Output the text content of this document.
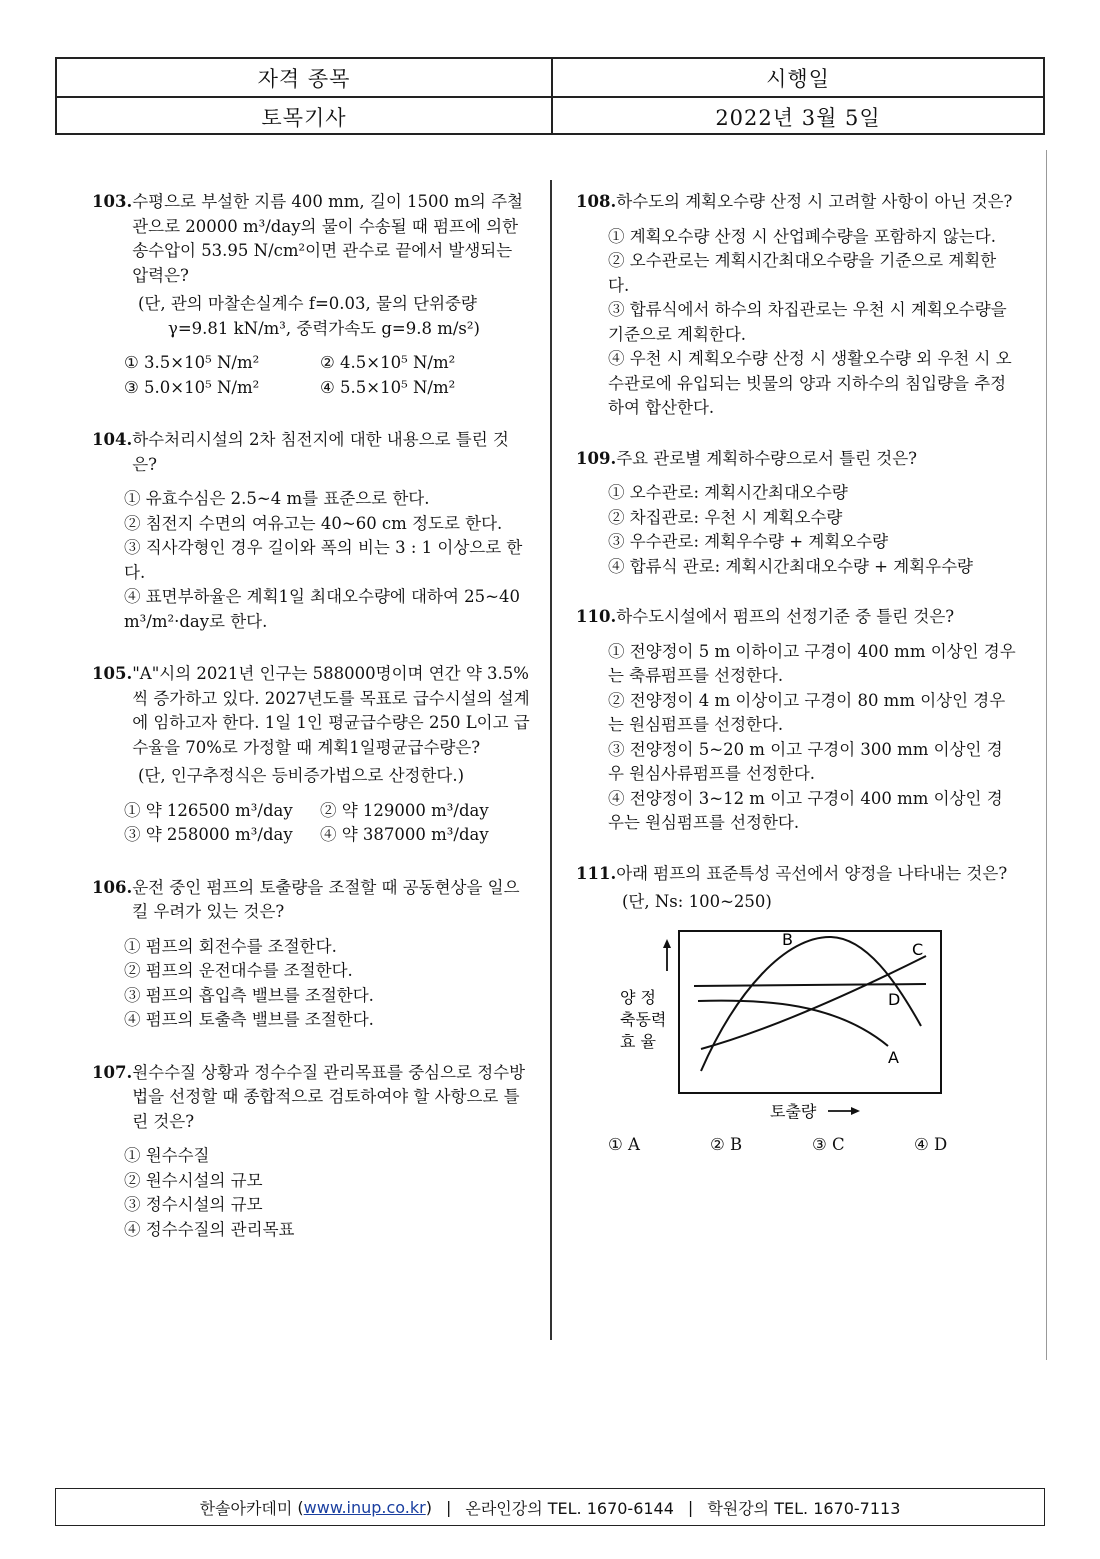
자격 종목	시행일
토목기사	2022년 3월 5일
103. 수평으로 부설한 지름 400 mm, 길이 1500 m의 주철관으로 20000 m³/day의 물이 수송될 때 펌프에 의한 송수압이 53.95 N/cm²이면 관수로 끝에서 발생되는 압력은?
(단, 관의 마찰손실계수 f=0.03, 물의 단위중량
γ=9.81 kN/m³, 중력가속도 g=9.8 m/s²)
① 3.5×10⁵ N/m²	② 4.5×10⁵ N/m²
③ 5.0×10⁵ N/m²	④ 5.5×10⁵ N/m²
104. 하수처리시설의 2차 침전지에 대한 내용으로 틀린 것은?
① 유효수심은 2.5~4 m를 표준으로 한다.
② 침전지 수면의 여유고는 40~60 cm 정도로 한다.
③ 직사각형인 경우 길이와 폭의 비는 3 : 1 이상으로 한다.
④ 표면부하율은 계획1일 최대오수량에 대하여 25~40 m³/m²·day로 한다.
105. "A"시의 2021년 인구는 588000명이며 연간 약 3.5%씩 증가하고 있다. 2027년도를 목표로 급수시설의 설계에 임하고자 한다. 1일 1인 평균급수량은 250 L이고 급수율을 70%로 가정할 때 계획1일평균급수량은?
(단, 인구추정식은 등비증가법으로 산정한다.)
① 약 126500 m³/day	② 약 129000 m³/day
③ 약 258000 m³/day	④ 약 387000 m³/day
106. 운전 중인 펌프의 토출량을 조절할 때 공동현상을 일으킬 우려가 있는 것은?
① 펌프의 회전수를 조절한다.
② 펌프의 운전대수를 조절한다.
③ 펌프의 흡입측 밸브를 조절한다.
④ 펌프의 토출측 밸브를 조절한다.
107. 원수수질 상황과 정수수질 관리목표를 중심으로 정수방법을 선정할 때 종합적으로 검토하여야 할 사항으로 틀린 것은?
① 원수수질
② 원수시설의 규모
③ 정수시설의 규모
④ 정수수질의 관리목표
108. 하수도의 계획오수량 산정 시 고려할 사항이 아닌 것은?
① 계획오수량 산정 시 산업폐수량을 포함하지 않는다.
② 오수관로는 계획시간최대오수량을 기준으로 계획한다.
③ 합류식에서 하수의 차집관로는 우천 시 계획오수량을 기준으로 계획한다.
④ 우천 시 계획오수량 산정 시 생활오수량 외 우천 시 오수관로에 유입되는 빗물의 양과 지하수의 침입량을 추정하여 합산한다.
109. 주요 관로별 계획하수량으로서 틀린 것은?
① 오수관로: 계획시간최대오수량
② 차집관로: 우천 시 계획오수량
③ 우수관로: 계획우수량 + 계획오수량
④ 합류식 관로: 계획시간최대오수량 + 계획우수량
110. 하수도시설에서 펌프의 선정기준 중 틀린 것은?
① 전양정이 5 m 이하이고 구경이 400 mm 이상인 경우는 축류펌프를 선정한다.
② 전양정이 4 m 이상이고 구경이 80 mm 이상인 경우는 원심펌프를 선정한다.
③ 전양정이 5~20 m 이고 구경이 300 mm 이상인 경우 원심사류펌프를 선정한다.
④ 전양정이 3~12 m 이고 구경이 400 mm 이상인 경우는 원심펌프를 선정한다.
111. 아래 펌프의 표준특성 곡선에서 양정을 나타내는 것은?
(단, Ns: 100~250)
B
C
D
A
양 정
축동력
효 율
토출량
① A	② B	③ C	④ D
한솔아카데미 ( www.inup.co.kr ) | 온라인강의 TEL. 1670-6144 | 학원강의 TEL. 1670-7113
